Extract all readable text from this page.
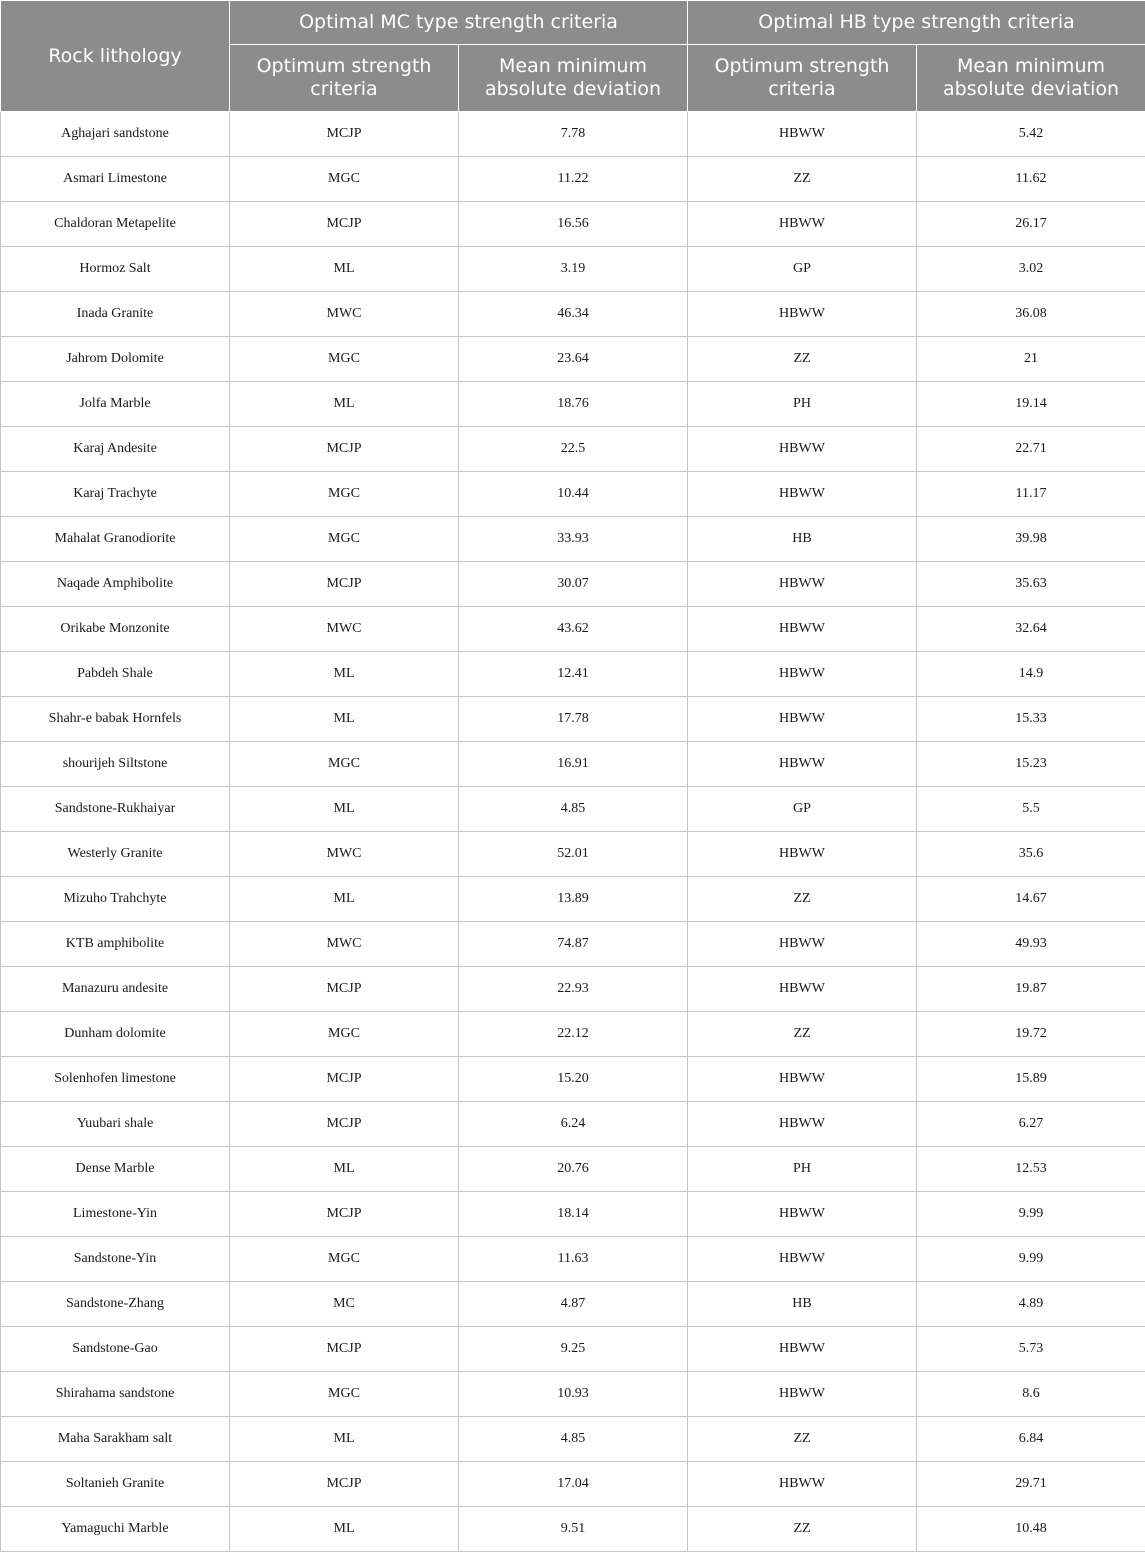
Rock lithology	Optimal MC type strength criteria		Optimal HB type strength criteria	
	Optimum strength criteria	Mean minimum absolute deviation	Optimum strength criteria	Mean minimum absolute deviation
Aghajari sandstone	MCJP	7.78	HBWW	5.42
Asmari Limestone	MGC	11.22	ZZ	11.62
Chaldoran Metapelite	MCJP	16.56	HBWW	26.17
Hormoz Salt	ML	3.19	GP	3.02
Inada Granite	MWC	46.34	HBWW	36.08
Jahrom Dolomite	MGC	23.64	ZZ	21
Jolfa Marble	ML	18.76	PH	19.14
Karaj Andesite	MCJP	22.5	HBWW	22.71
Karaj Trachyte	MGC	10.44	HBWW	11.17
Mahalat Granodiorite	MGC	33.93	HB	39.98
Naqade Amphibolite	MCJP	30.07	HBWW	35.63
Orikabe Monzonite	MWC	43.62	HBWW	32.64
Pabdeh Shale	ML	12.41	HBWW	14.9
Shahr-e babak Hornfels	ML	17.78	HBWW	15.33
shourijeh Siltstone	MGC	16.91	HBWW	15.23
Sandstone-Rukhaiyar	ML	4.85	GP	5.5
Westerly Granite	MWC	52.01	HBWW	35.6
Mizuho Trahchyte	ML	13.89	ZZ	14.67
KTB amphibolite	MWC	74.87	HBWW	49.93
Manazuru andesite	MCJP	22.93	HBWW	19.87
Dunham dolomite	MGC	22.12	ZZ	19.72
Solenhofen limestone	MCJP	15.20	HBWW	15.89
Yuubari shale	MCJP	6.24	HBWW	6.27
Dense Marble	ML	20.76	PH	12.53
Limestone-Yin	MCJP	18.14	HBWW	9.99
Sandstone-Yin	MGC	11.63	HBWW	9.99
Sandstone-Zhang	MC	4.87	HB	4.89
Sandstone-Gao	MCJP	9.25	HBWW	5.73
Shirahama sandstone	MGC	10.93	HBWW	8.6
Maha Sarakham salt	ML	4.85	ZZ	6.84
Soltanieh Granite	MCJP	17.04	HBWW	29.71
Yamaguchi Marble	ML	9.51	ZZ	10.48
